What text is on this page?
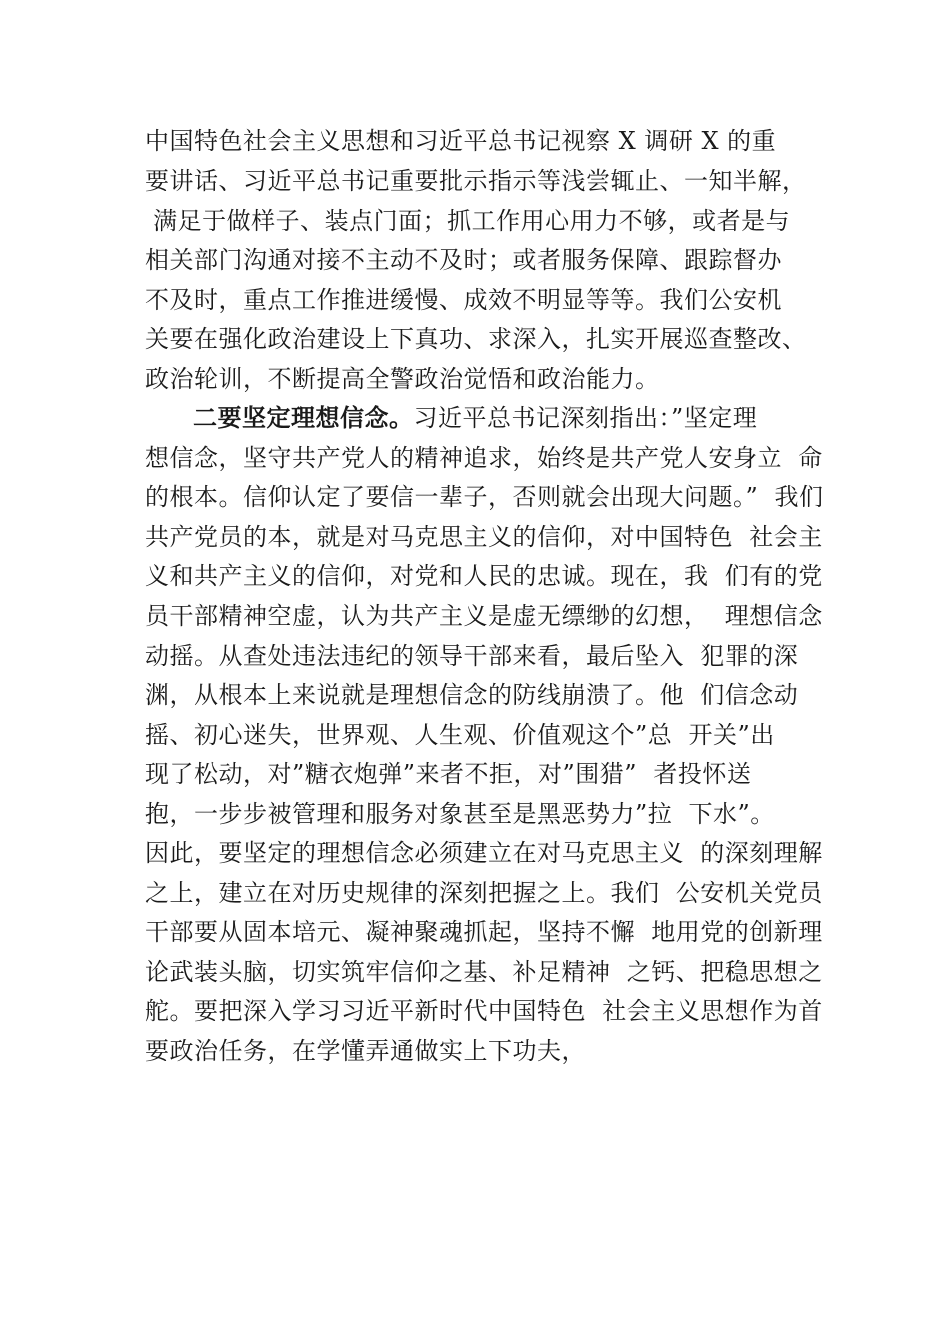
中国特色社会主义思想和习近平总书记视察 X 调研 X 的重
要讲话、习近平总书记重要批示指示等浅尝辄止、一知半解，
满足于做样子、装点门面；抓工作用心用力不够，或者是与
相关部门沟通对接不主动不及时；或者服务保障、跟踪督办
不及时，重点工作推进缓慢、成效不明显等等。我们公安机
关要在强化政治建设上下真功、求深入，扎实开展巡查整改、
政治轮训，不断提高全警政治觉悟和政治能力。
二要坚定理想信念。习近平总书记深刻指出：”坚定理
想信念，坚守共产党人的精神追求，始终是共产党人安身立  命
的根本。信仰认定了要信一辈子，否则就会出现大问题。”  我们
共产党员的本，就是对马克思主义的信仰，对中国特色  社会主
义和共产主义的信仰，对党和人民的忠诚。现在，我  们有的党
员干部精神空虚，认为共产主义是虚无缥缈的幻想，  理想信念
动摇。从查处违法违纪的领导干部来看，最后坠入  犯罪的深
渊，从根本上来说就是理想信念的防线崩溃了。他  们信念动
摇、初心迷失，世界观、人生观、价值观这个”总  开关”出
现了松动，对”糖衣炮弹”来者不拒，对”围猎”  者投怀送
抱，一步步被管理和服务对象甚至是黑恶势力”拉  下水”。
因此，要坚定的理想信念必须建立在对马克思主义  的深刻理解
之上，建立在对历史规律的深刻把握之上。我们  公安机关党员
干部要从固本培元、凝神聚魂抓起，坚持不懈  地用党的创新理
论武装头脑，切实筑牢信仰之基、补足精神  之钙、把稳思想之
舵。要把深入学习习近平新时代中国特色  社会主义思想作为首
要政治任务，在学懂弄通做实上下功夫，
